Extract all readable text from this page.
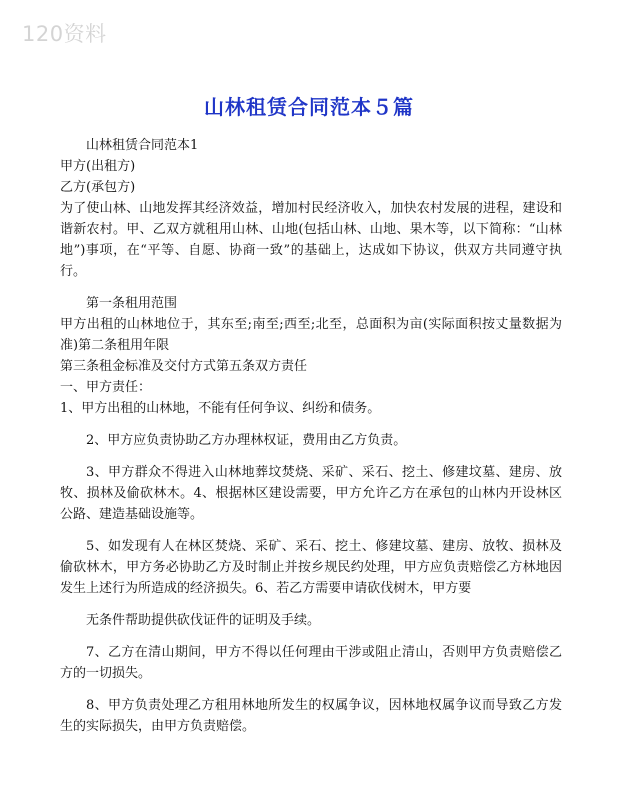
120资料
山林租赁合同范本５篇

山林租赁合同范本1

甲方(出租方)

乙方(承包方)

为了使山林、山地发挥其经济效益，增加村民经济收入，加快农村发展的进程，建设和谐新农村。甲、乙双方就租用山林、山地(包括山林、山地、果木等，以下简称：“山林地”)事项，在“平等、自愿、协商一致”的基础上，达成如下协议，供双方共同遵守执行。

第一条租用范围

甲方出租的山林地位于，其东至;南至;西至;北至，总面积为亩(实际面积按丈量数据为准)第二条租用年限

第三条租金标准及交付方式第五条双方责任

一、甲方责任：

1、甲方出租的山林地，不能有任何争议、纠纷和债务。

2、甲方应负责协助乙方办理林权证，费用由乙方负责。

3、甲方群众不得进入山林地葬坟焚烧、采矿、采石、挖土、修建坟墓、建房、放牧、损林及偷砍林木。4、根据林区建设需要，甲方允许乙方在承包的山林内开设林区公路、建造基础设施等。

5、如发现有人在林区焚烧、采矿、采石、挖土、修建坟墓、建房、放牧、损林及偷砍林木，甲方务必协助乙方及时制止并按乡规民约处理，甲方应负责赔偿乙方林地因发生上述行为所造成的经济损失。6、若乙方需要申请砍伐树木，甲方要

无条件帮助提供砍伐证件的证明及手续。

7、乙方在清山期间，甲方不得以任何理由干涉或阻止清山，否则甲方负责赔偿乙方的一切损失。

8、甲方负责处理乙方租用林地所发生的权属争议，因林地权属争议而导致乙方发生的实际损失，由甲方负责赔偿。
